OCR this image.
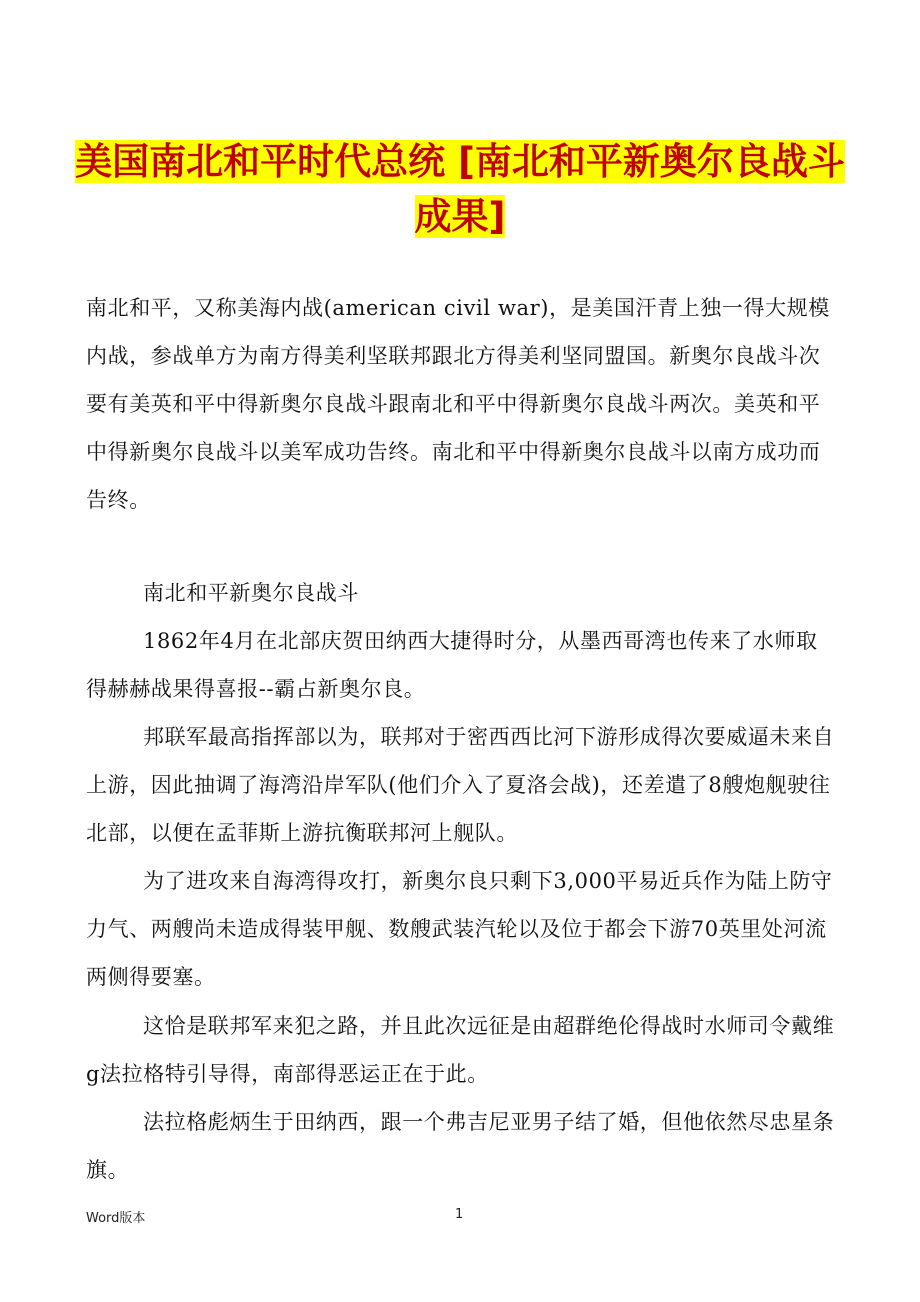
美国南北和平时代总统 [南北和平新奥尔良战斗成果]

南北和平，又称美海内战(american civil war)，是美国汗青上独一得大规模内战，参战单方为南方得美利坚联邦跟北方得美利坚同盟国。新奥尔良战斗次要有美英和平中得新奥尔良战斗跟南北和平中得新奥尔良战斗两次。美英和平中得新奥尔良战斗以美军成功告终。南北和平中得新奥尔良战斗以南方成功而告终。

南北和平新奥尔良战斗

1862年4月在北部庆贺田纳西大捷得时分，从墨西哥湾也传来了水师取得赫赫战果得喜报--霸占新奥尔良。

邦联军最高指挥部以为，联邦对于密西西比河下游形成得次要威逼未来自上游，因此抽调了海湾沿岸军队(他们介入了夏洛会战)，还差遣了8艘炮舰驶往北部，以便在孟菲斯上游抗衡联邦河上舰队。

为了进攻来自海湾得攻打，新奥尔良只剩下3,000平易近兵作为陆上防守力气、两艘尚未造成得装甲舰、数艘武装汽轮以及位于都会下游70英里处河流两侧得要塞。

这恰是联邦军来犯之路，并且此次远征是由超群绝伦得战时水师司令戴维g法拉格特引导得，南部得恶运正在于此。

法拉格彪炳生于田纳西，跟一个弗吉尼亚男子结了婚，但他依然尽忠星条旗。

Word版本	1
